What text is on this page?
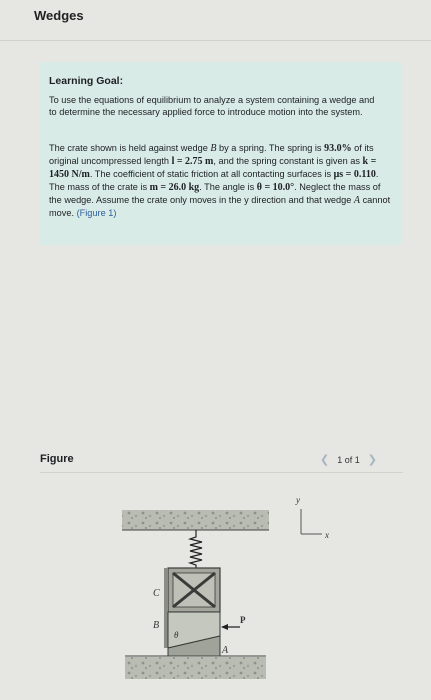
Wedges
Learning Goal:
To use the equations of equilibrium to analyze a system containing a wedge and to determine the necessary applied force to introduce motion into the system.
The crate shown is held against wedge B by a spring. The spring is 93.0% of its original uncompressed length l = 2.75 m, and the spring constant is given as k = 1450 N/m. The coefficient of static friction at all contacting surfaces is μs = 0.110. The mass of the crate is m = 26.0 kg. The angle is θ = 10.0°. Neglect the mass of the wedge. Assume the crate only moves in the y direction and that wedge A cannot move. (Figure 1)
Figure	❮ 1 of 1 ❯
C
B
A
θ
P
y
x
